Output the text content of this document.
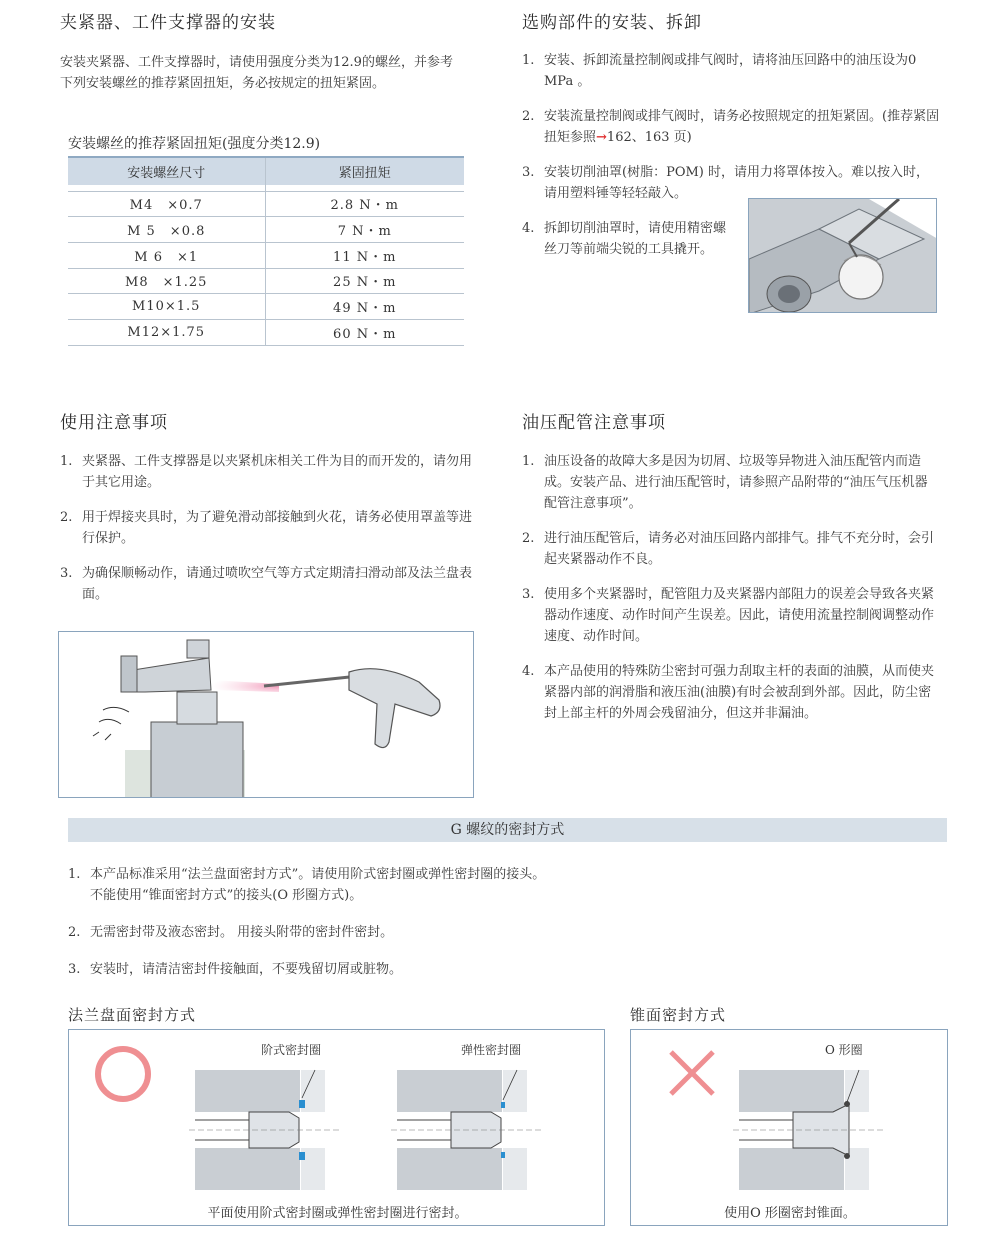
夹紧器、工件支撑器的安装
安装夹紧器、工件支撑器时，请使用强度分类为12.9的螺丝，并参考
下列安装螺丝的推荐紧固扭矩，务必按规定的扭矩紧固。
安装螺丝的推荐紧固扭矩(强度分类12.9)
安装螺丝尺寸	紧固扭矩

M4　×0.7	2.8 N・m
M 5　×0.8	7 N・m
M 6　×1	11 N・m
M8　×1.25	25 N・m
M10×1.5	49 N・m
M12×1.75	60 N・m
选购部件的安装、拆卸
1. 安装、拆卸流量控制阀或排气阀时，请将油压回路中的油压设为0 MPa 。
2. 安装流量控制阀或排气阀时，请务必按照规定的扭矩紧固。(推荐紧固扭矩参照→162、163 页)
3. 安装切削油罩(树脂：POM) 时，请用力将罩体按入。难以按入时，请用塑料锤等轻轻敲入。
4. 拆卸切削油罩时，请使用精密螺丝刀等前端尖锐的工具撬开。
使用注意事项
1. 夹紧器、工件支撑器是以夹紧机床相关工件为目的而开发的，请勿用于其它用途。
2. 用于焊接夹具时，为了避免滑动部接触到火花，请务必使用罩盖等进行保护。
3. 为确保顺畅动作，请通过喷吹空气等方式定期清扫滑动部及法兰盘表面。
油压配管注意事项
1. 油压设备的故障大多是因为切屑、垃圾等异物进入油压配管内而造成。安装产品、进行油压配管时，请参照产品附带的“油压气压机器配管注意事项”。
2. 进行油压配管后，请务必对油压回路内部排气。排气不充分时，会引起夹紧器动作不良。
3. 使用多个夹紧器时，配管阻力及夹紧器内部阻力的误差会导致各夹紧器动作速度、动作时间产生误差。因此，请使用流量控制阀调整动作速度、动作时间。
4. 本产品使用的特殊防尘密封可强力刮取主杆的表面的油膜，从而使夹紧器内部的润滑脂和液压油(油膜)有时会被刮到外部。因此，防尘密封上部主杆的外周会残留油分，但这并非漏油。
G 螺纹的密封方式
1. 本产品标准采用“法兰盘面密封方式”。请使用阶式密封圈或弹性密封圈的接头。
不能使用“锥面密封方式”的接头(O 形圈方式)。
2. 无需密封带及液态密封。 用接头附带的密封件密封。
3. 安装时，请清洁密封件接触面，不要残留切屑或脏物。
法兰盘面密封方式
阶式密封圈	弹性密封圈
平面使用阶式密封圈或弹性密封圈进行密封。
锥面密封方式
O 形圈
使用O 形圈密封锥面。
